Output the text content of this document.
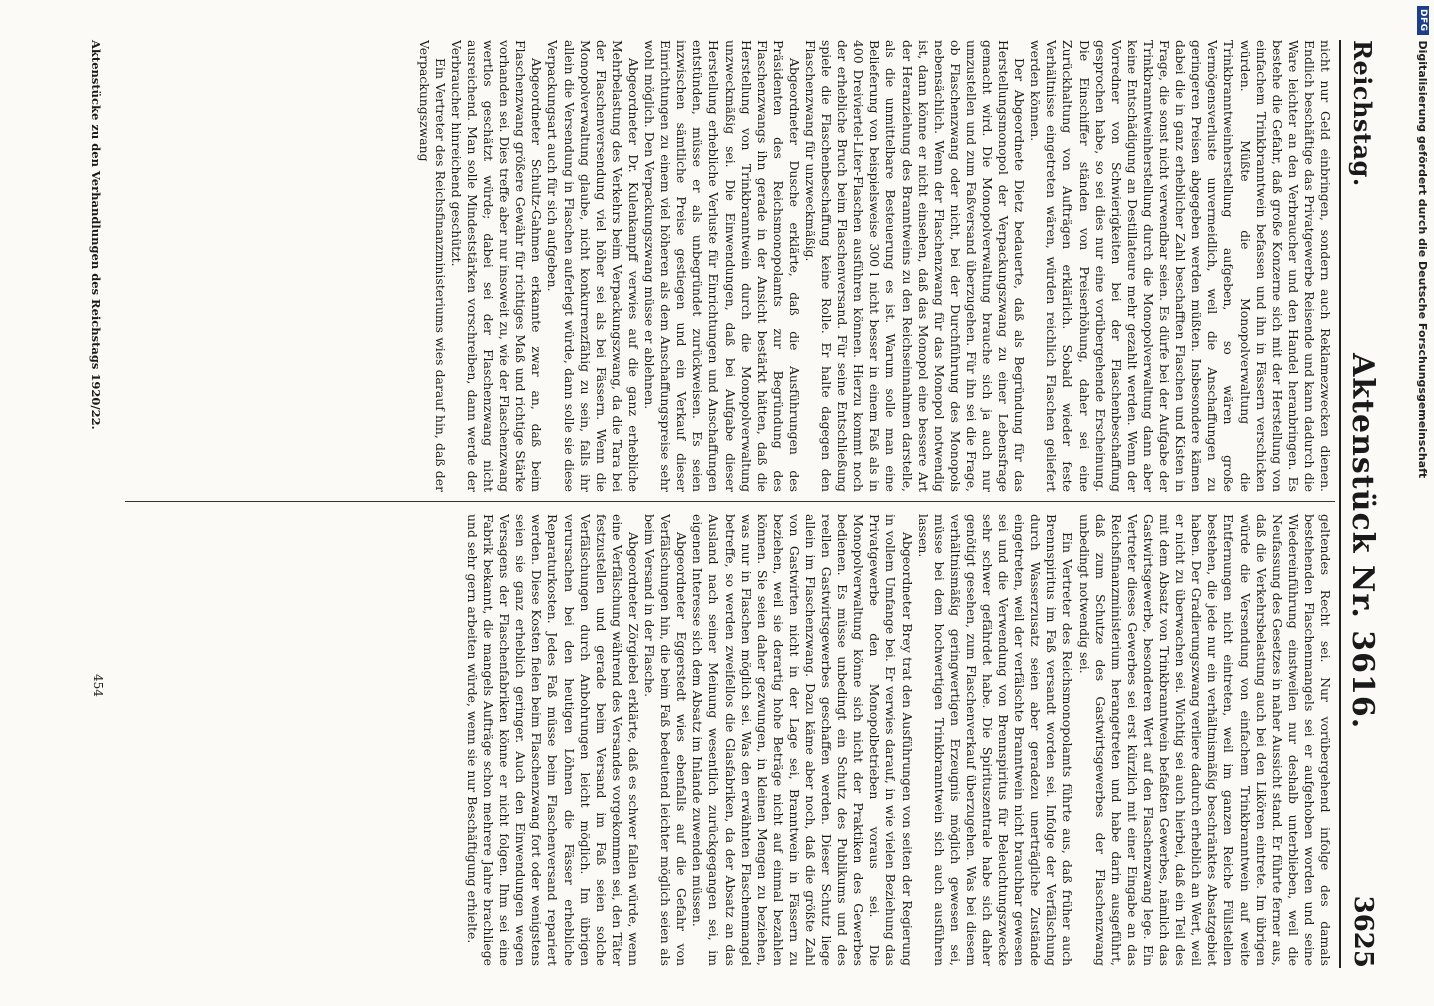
Reichstag.
Aktenstück Nr. 3616.
3625

nicht nur Geld einbringen, sondern auch Reklamezwecken dienen. Endlich beschäftige das Privatgewerbe Reisende und kann dadurch die Ware leichter an den Verbraucher und den Handel heranbringen. Es bestehe die Gefahr, daß große Konzerne sich mit der Herstellung von einfachem Trinkbranntwein befassen und ihn in Fässern verschicken würden. Müßte die Monopolverwaltung die Trinkbranntweinherstellung aufgeben, so wären große Vermögensverluste unvermeidlich, weil die Anschaffungen zu geringeren Preisen abgegeben werden müßten. Insbesondere kämen dabei die in ganz erheblicher Zahl beschafften Flaschen und Kisten in Frage, die sonst nicht verwendbar seien. Es dürfe bei der Aufgabe der Trinkbranntweinherstellung durch die Monopolverwaltung dann aber keine Entschädigung an Destillateure mehr gezahlt werden. Wenn der Vorredner von Schwierigkeiten bei der Flaschenbeschaffung gesprochen habe, so sei dies nur eine vorübergehende Erscheinung. Die Einschiffer ständen von Preiserhöhung, daher sei eine Zurückhaltung von Aufträgen erklärlich. Sobald wieder feste Verhältnisse eingetreten wären, würden reichlich Flaschen geliefert werden können.

Der Abgeordnete Dietz bedauerte, daß als Begründung für das Herstellungsmonopol der Verpackungszwang zu einer Lebensfrage gemacht wird. Die Monopolverwaltung brauche sich ja auch nur umzustellen und zum Faßversand überzugehen. Für ihn sei die Frage, ob Flaschenzwang oder nicht, bei der Durchführung des Monopols nebensächlich. Wenn der Flaschenzwang für das Monopol notwendig ist, dann könne er nicht einsehen, daß das Monopol eine bessere Art der Heranziehung des Branntweins zu den Reichseinnahmen darstelle, als die unmittelbare Besteuerung es ist. Warum solle man eine Belieferung von beispielsweise 300 l nicht besser in einem Faß als in 400 Dreiviertel-Liter-Flaschen ausführen können. Hierzu kommt noch der erhebliche Bruch beim Flaschenversand. Für seine Entschließung spiele die Flaschenbeschaffung keine Rolle. Er halte dagegen den Flaschenzwang für unzweckmäßig.

Abgeordneter Dusche erklärte, daß die Ausführungen des Präsidenten des Reichsmonopolamts zur Begründung des Flaschenzwangs ihn gerade in der Ansicht bestärkt hätten, daß die Herstellung von Trinkbranntwein durch die Monopolverwaltung unzweckmäßig sei. Die Einwendungen, daß bei Aufgabe dieser Herstellung erhebliche Verluste für Einrichtungen und Anschaffungen entstünden, müsse er als unbegründet zurückweisen. Es seien inzwischen sämtliche Preise gestiegen und ein Verkauf dieser Einrichtungen zu einem viel höheren als dem Anschaffungspreise sehr wohl möglich. Den Verpackungszwang müsse er ablehnen.

Abgeordneter Dr. Kulenkampff verwies auf die ganz erhebliche Mehrbelastung des Verkehrs beim Verpackungszwang, da die Tara bei der Flaschenversendung viel höher sei als bei Fässern. Wenn die Monopolverwaltung glaube, nicht konkurrenzfähig zu sein, falls ihr allein die Versendung in Flaschen auferlegt würde, dann solle sie diese Verpackungsart auch für sich aufgeben.

Abgeordneter Schultz-Gahmen erkannte zwar an, daß beim Flaschenzwang größere Gewähr für richtiges Maß und richtige Stärke vorhanden sei. Dies treffe aber nur insoweit zu, wie der Flaschenzwang wertlos geschätzt würde; dabei sei der Flaschenzwang nicht ausreichend. Man solle Mindeststärken vorschreiben, dann werde der Verbraucher hinreichend geschützt.

Ein Vertreter des Reichsfinanzministeriums wies darauf hin, daß der Verpackungszwang

geltendes Recht sei. Nur vorübergehend infolge des damals bestehenden Flaschenmangels sei er aufgehoben worden und seine Wiedereinführung einstweilen nur deshalb unterblieben, weil die Neufassung des Gesetzes in naher Aussicht stand. Er führte ferner aus, daß die Verkehrsbelastung auch bei den Likören eintrete. Im übrigen würde die Versendung von einfachem Trinkbranntwein auf weite Entfernungen nicht eintreten, weil im ganzen Reiche Füllstellen bestehen, die jede nur ein verhältnismäßig beschränktes Absatzgebiet haben. Der Gradierungszwang verliere dadurch erheblich an Wert, weil er nicht zu überwachen sei. Wichtig sei auch hierbei, daß ein Teil des mit dem Absatz von Trinkbranntwein befaßten Gewerbes, nämlich das Gastwirtsgewerbe, besonderen Wert auf den Flaschenzwang lege. Ein Vertreter dieses Gewerbes sei erst kürzlich mit einer Eingabe an das Reichsfinanzministerium herangetreten und habe darin ausgeführt, daß zum Schutze des Gastwirtsgewerbes der Flaschenzwang unbedingt notwendig sei.

Ein Vertreter des Reichsmonopolamts führte aus, daß früher auch Brennspiritus im Faß versandt worden sei. Infolge der Verfälschung durch Wasserzusatz seien aber geradezu unerträgliche Zustände eingetreten, weil der verfälschte Branntwein nicht brauchbar gewesen sei und die Verwendung von Brennspiritus für Beleuchtungszwecke sehr schwer gefährdet habe. Die Spirituszentrale habe sich daher genötigt gesehen, zum Flaschenverkauf überzugehen. Was bei diesem verhältnismäßig geringwertigen Erzeugnis möglich gewesen sei, müsse bei dem hochwertigen Trinkbranntwein sich auch ausführen lassen.

Abgeordneter Brey trat den Ausführungen von seiten der Regierung in vollem Umfange bei. Er verwies darauf, in wie vielen Beziehung das Privatgewerbe den Monopolbetrieben voraus sei. Die Monopolverwaltung könne sich nicht der Praktiken des Gewerbes bedienen. Es müsse unbedingt ein Schutz des Publikums und des reellen Gastwirtsgewerbes geschaffen werden. Dieser Schutz liege allein im Flaschenzwang. Dazu käme aber noch, daß die größte Zahl von Gastwirten nicht in der Lage sei, Branntwein in Fässern zu beziehen, weil sie derartig hohe Beträge nicht auf einmal bezahlen können. Sie seien daher gezwungen, in kleinen Mengen zu beziehen, was nur in Flaschen möglich sei. Was den erwähnten Flaschenmangel betreffe, so werden zweifellos die Glasfabriken, da der Absatz an das Ausland nach seiner Meinung wesentlich zurückgegangen sei, im eigenen Interesse sich dem Absatz im Inlande zuwenden müssen.

Abgeordneter Eggerstedt wies ebenfalls auf die Gefahr von Verfälschungen hin, die beim Faß bedeutend leichter möglich seien als beim Versand in der Flasche.

Abgeordneter Zörgiebel erklärte, daß es schwer fallen würde, wenn eine Verfälschung während des Versandes vorgekommen sei, den Täter festzustellen und gerade beim Versand im Faß seien solche Verfälschungen durch Anbohrungen leicht möglich. Im übrigen verursachen bei den heutigen Löhnen die Fässer erhebliche Reparaturkosten. Jedes Faß müsse beim Flaschenversand repariert werden. Diese Kosten fielen beim Flaschenzwang fort oder wenigstens seien sie ganz erheblich geringer. Auch den Einwendungen wegen Versagens der Flaschenfabriken könne er nicht folgen. Ihm sei eine Fabrik bekannt, die mangels Aufträge schon mehrere Jahre brachliege und sehr gern arbeiten würde, wenn sie nur Beschäftigung erhielte.

Aktenstücke zu den Verhandlungen des Reichstags 1920/22.
454
DFG
Digitalisierung gefördert durch die Deutsche Forschungsgemeinschaft
